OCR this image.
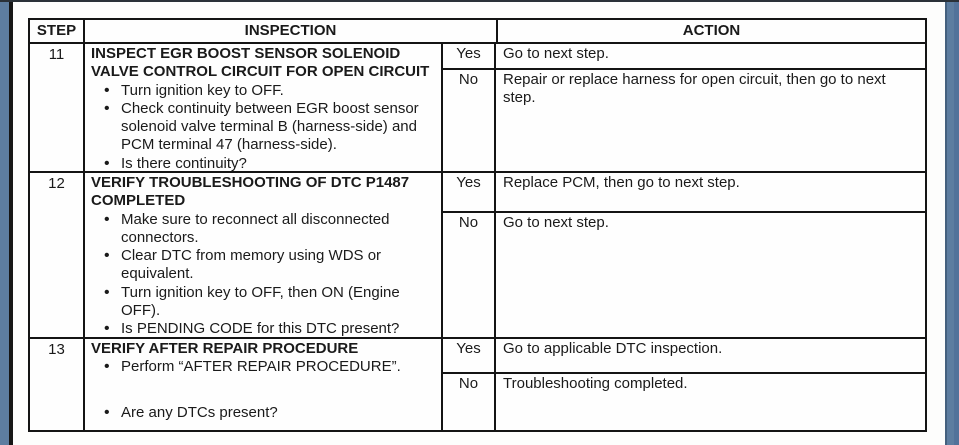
STEP	INSPECTION	ACTION
11	INSPECT EGR BOOST SENSOR SOLENOID VALVE CONTROL CIRCUIT FOR OPEN CIRCUIT
• Turn ignition key to OFF.
• Check continuity between EGR boost sensor solenoid valve terminal B (harness-side) and PCM terminal 47 (harness-side).
• Is there continuity?
Yes	Go to next step.
No	Repair or replace harness for open circuit, then go to next step.
12	VERIFY TROUBLESHOOTING OF DTC P1487 COMPLETED
• Make sure to reconnect all disconnected connectors.
• Clear DTC from memory using WDS or equivalent.
• Turn ignition key to OFF, then ON (Engine OFF).
• Is PENDING CODE for this DTC present?
Yes	Replace PCM, then go to next step.
No	Go to next step.
13	VERIFY AFTER REPAIR PROCEDURE
• Perform “AFTER REPAIR PROCEDURE”.
• Are any DTCs present?
Yes	Go to applicable DTC inspection.
No	Troubleshooting completed.
